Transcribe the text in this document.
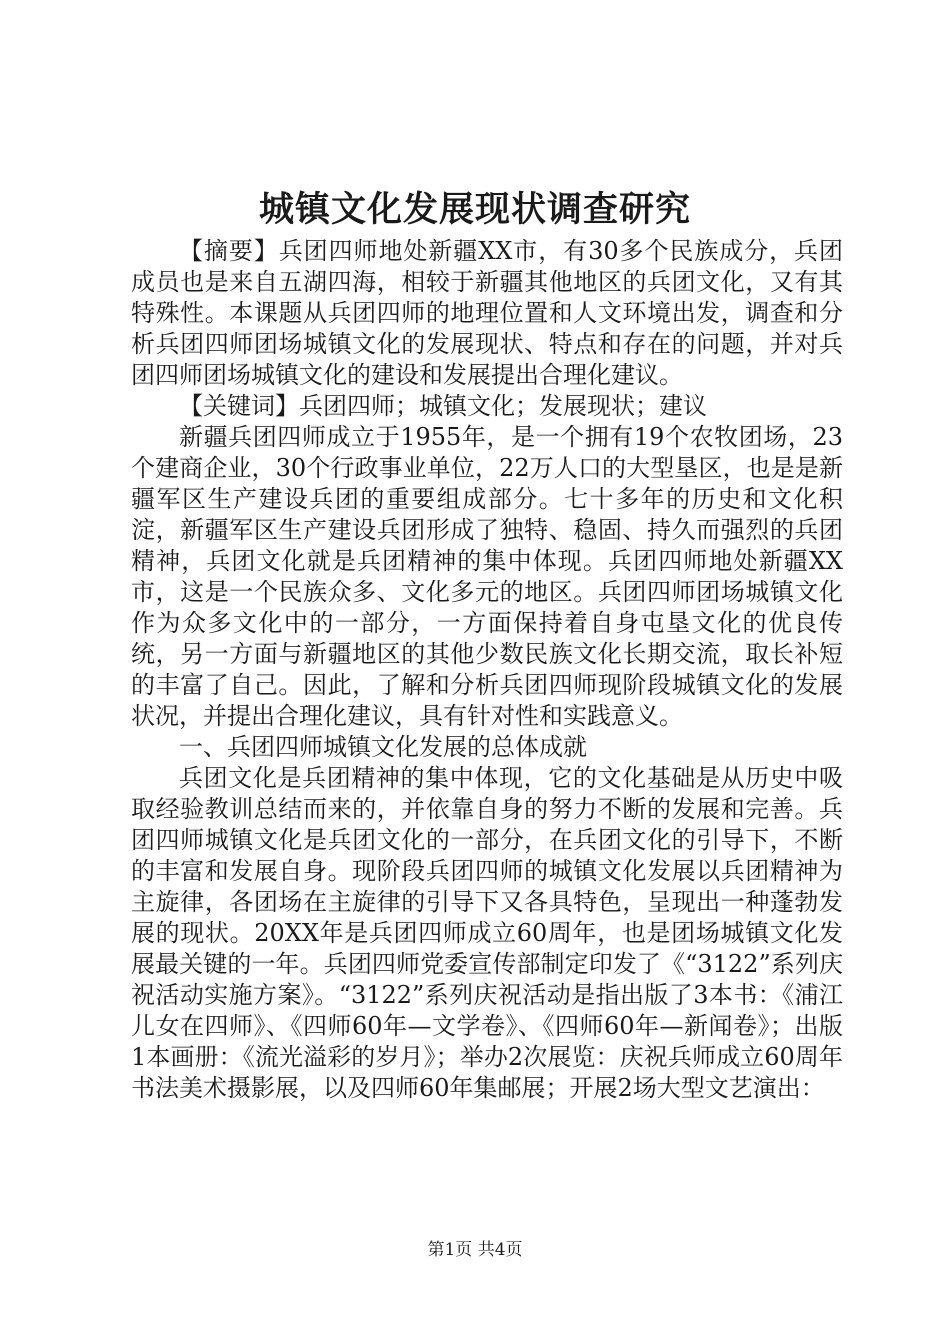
城镇文化发展现状调查研究

【摘要】兵团四师地处新疆XX市，有30多个民族成分，兵团成员也是来自五湖四海，相较于新疆其他地区的兵团文化，又有其特殊性。本课题从兵团四师的地理位置和人文环境出发，调查和分析兵团四师团场城镇文化的发展现状、特点和存在的问题，并对兵团四师团场城镇文化的建设和发展提出合理化建议。

【关键词】兵团四师；城镇文化；发展现状；建议

新疆兵团四师成立于1955年，是一个拥有19个农牧团场，23个建商企业，30个行政事业单位，22万人口的大型垦区，也是是新疆军区生产建设兵团的重要组成部分。七十多年的历史和文化积淀，新疆军区生产建设兵团形成了独特、稳固、持久而强烈的兵团精神，兵团文化就是兵团精神的集中体现。兵团四师地处新疆XX市，这是一个民族众多、文化多元的地区。兵团四师团场城镇文化作为众多文化中的一部分，一方面保持着自身屯垦文化的优良传统，另一方面与新疆地区的其他少数民族文化长期交流，取长补短的丰富了自己。因此，了解和分析兵团四师现阶段城镇文化的发展状况，并提出合理化建议，具有针对性和实践意义。

一、兵团四师城镇文化发展的总体成就

兵团文化是兵团精神的集中体现，它的文化基础是从历史中吸取经验教训总结而来的，并依靠自身的努力不断的发展和完善。兵团四师城镇文化是兵团文化的一部分，在兵团文化的引导下，不断的丰富和发展自身。现阶段兵团四师的城镇文化发展以兵团精神为主旋律，各团场在主旋律的引导下又各具特色，呈现出一种蓬勃发展的现状。20XX年是兵团四师成立60周年，也是团场城镇文化发展最关键的一年。兵团四师党委宣传部制定印发了《“3122”系列庆祝活动实施方案》。“3122”系列庆祝活动是指出版了3本书：《浦江儿女在四师》、《四师60年—文学卷》、《四师60年—新闻卷》；出版1本画册：《流光溢彩的岁月》；举办2次展览：庆祝兵师成立60周年书法美术摄影展，以及四师60年集邮展；开展2场大型文艺演出：

第1页 共4页
